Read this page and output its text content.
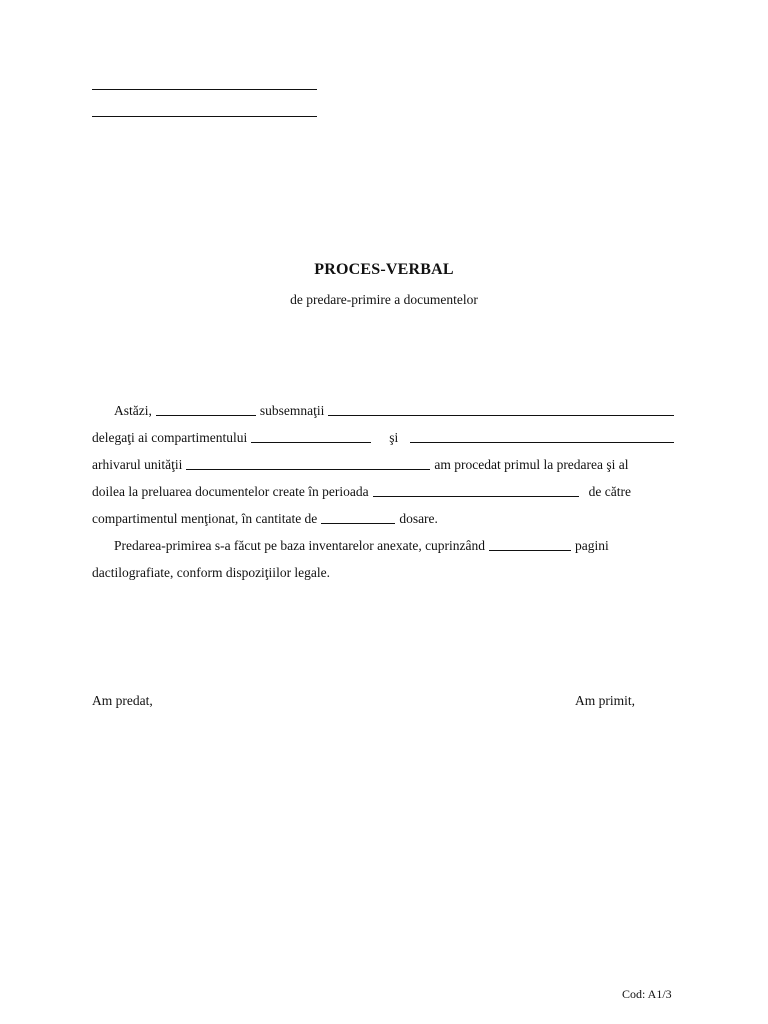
PROCES-VERBAL
de predare-primire a documentelor
Astăzi,	subsemnaţii
delegaţi ai compartimentului	şi
arhivarul unităţii	am procedat primul la predarea şi al
doilea la preluarea documentelor create în perioada	de către
compartimentul menţionat, în cantitate de	dosare.
Predarea-primirea s-a făcut pe baza inventarelor anexate, cuprinzând	pagini
dactilografiate, conform dispoziţiilor legale.
Am predat,	Am primit,
Cod: A1/3
